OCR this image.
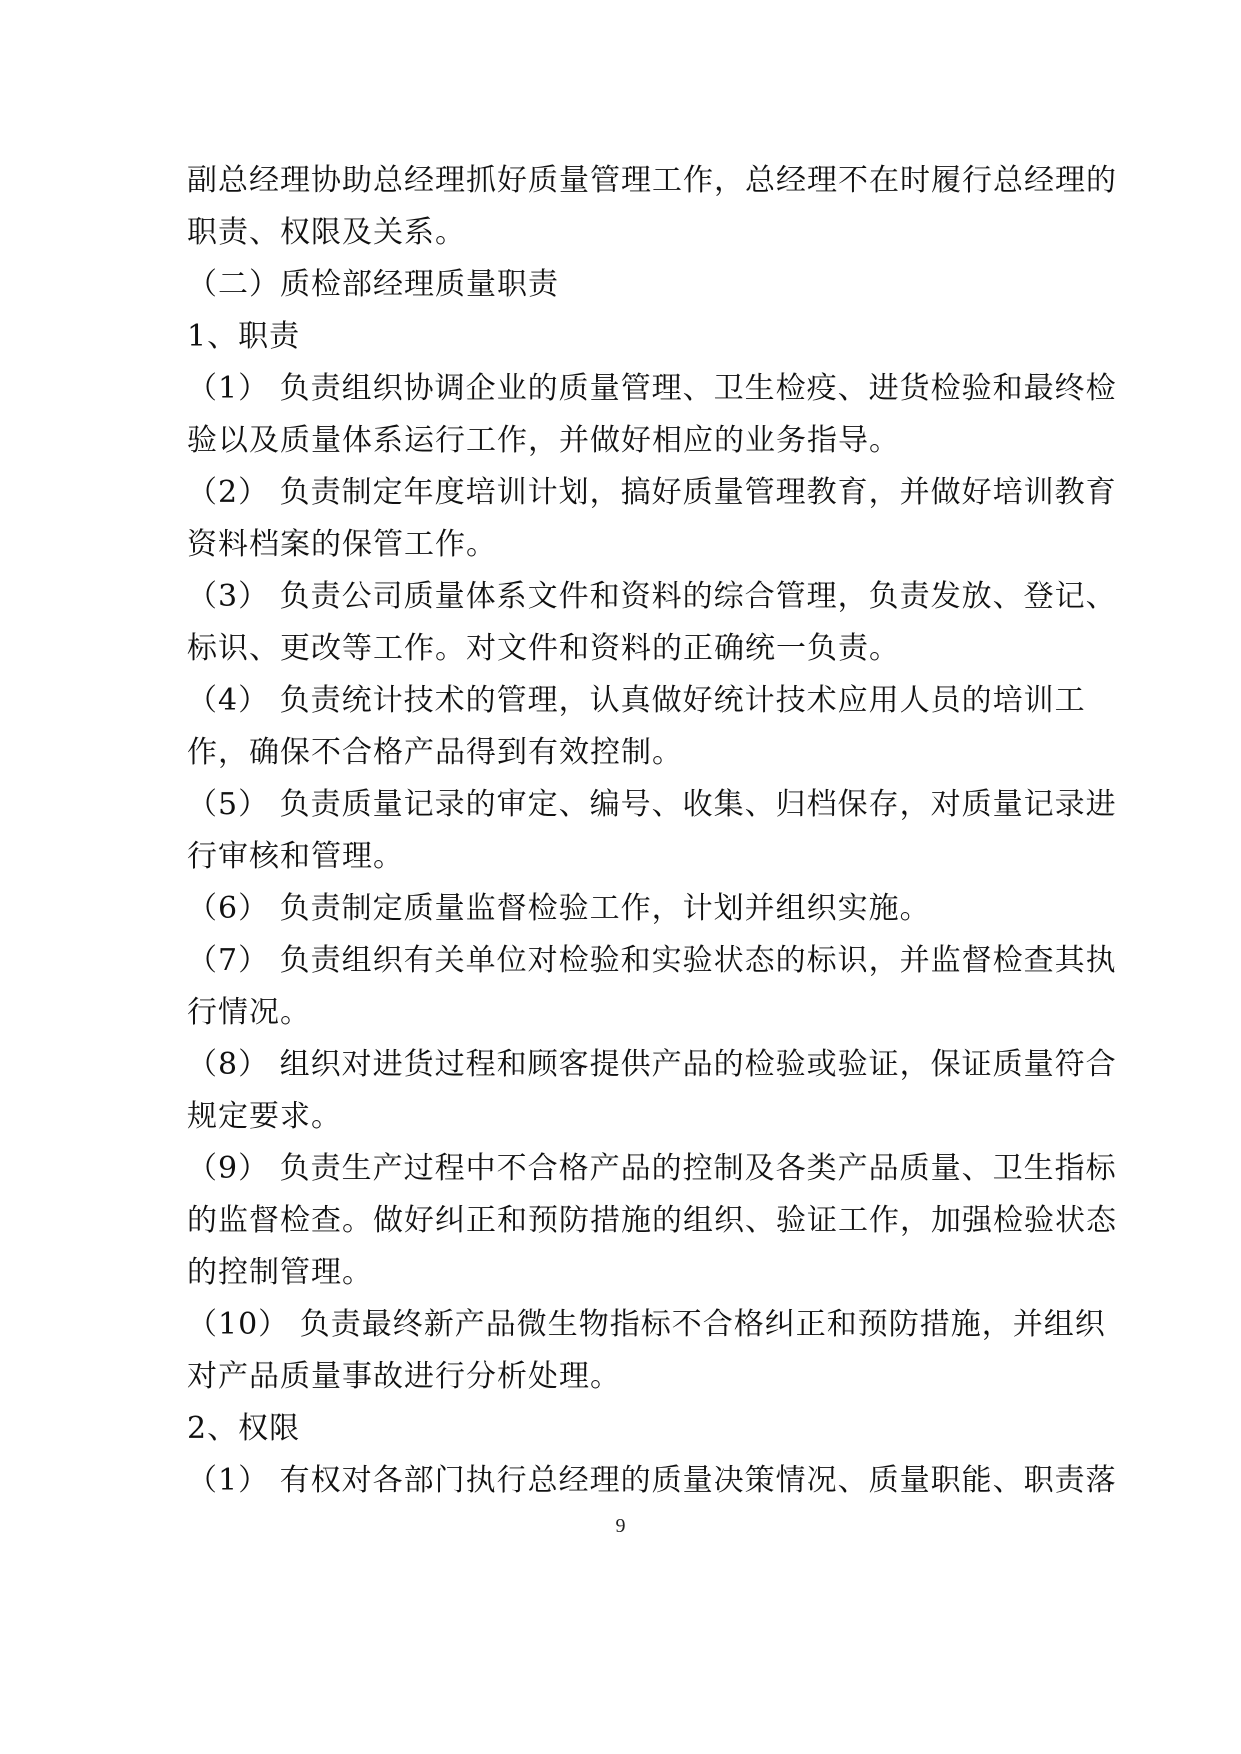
副总经理协助总经理抓好质量管理工作，总经理不在时履行总经理的职责、权限及关系。

（二）质检部经理质量职责

1、职责

（1） 负责组织协调企业的质量管理、卫生检疫、进货检验和最终检验以及质量体系运行工作，并做好相应的业务指导。

（2） 负责制定年度培训计划，搞好质量管理教育，并做好培训教育资料档案的保管工作。

（3） 负责公司质量体系文件和资料的综合管理，负责发放、登记、标识、更改等工作。对文件和资料的正确统一负责。

（4） 负责统计技术的管理，认真做好统计技术应用人员的培训工作，确保不合格产品得到有效控制。

（5） 负责质量记录的审定、编号、收集、归档保存，对质量记录进行审核和管理。

（6） 负责制定质量监督检验工作，计划并组织实施。

（7） 负责组织有关单位对检验和实验状态的标识，并监督检查其执行情况。

（8） 组织对进货过程和顾客提供产品的检验或验证，保证质量符合规定要求。

（9） 负责生产过程中不合格产品的控制及各类产品质量、卫生指标的监督检查。做好纠正和预防措施的组织、验证工作，加强检验状态的控制管理。

（10） 负责最终新产品微生物指标不合格纠正和预防措施，并组织对产品质量事故进行分析处理。

2、权限

（1） 有权对各部门执行总经理的质量决策情况、质量职能、职责落

9
